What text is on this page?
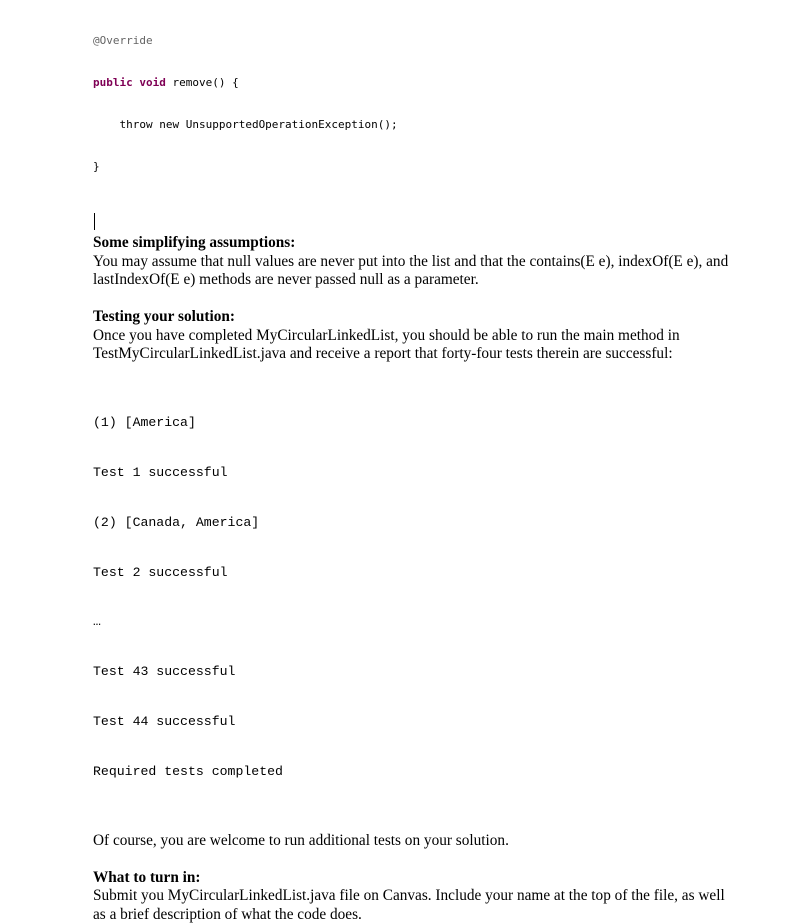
@Override

public void remove() {

throw new UnsupportedOperationException();

}

Some simplifying assumptions:
You may assume that null values are never put into the list and that the contains(E e), indexOf(E e), and lastIndexOf(E e) methods are never passed null as a parameter.
Testing your solution:
Once you have completed MyCircularLinkedList, you should be able to run the main method in TestMyCircularLinkedList.java and receive a report that forty-four tests therein are successful:

(1) [America]

Test 1 successful

(2) [Canada, America]

Test 2 successful

…

Test 43 successful

Test 44 successful

Required tests completed

Of course, you are welcome to run additional tests on your solution.
What to turn in:
Submit you MyCircularLinkedList.java file on Canvas. Include your name at the top of the file, as well as a brief description of what the code does.
